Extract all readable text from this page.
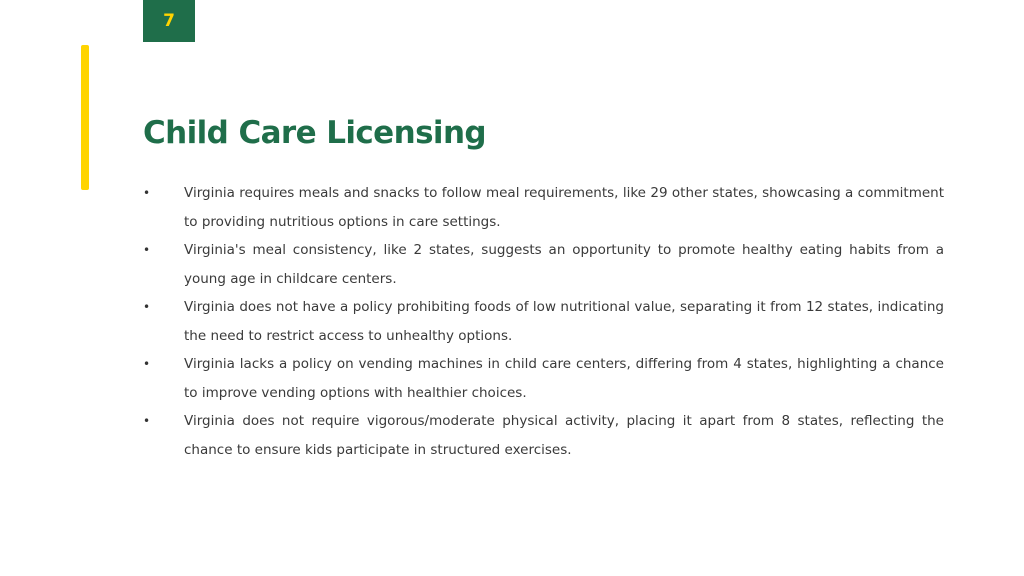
7
Child Care Licensing
•	Virginia requires meals and snacks to follow meal requirements, like 29 other states, showcasing a commitment to providing nutritious options in care settings.
•	Virginia's meal consistency, like 2 states, suggests an opportunity to promote healthy eating habits from a young age in childcare centers.
•	Virginia does not have a policy prohibiting foods of low nutritional value, separating it from 12 states, indicating the need to restrict access to unhealthy options.
•	Virginia lacks a policy on vending machines in child care centers, differing from 4 states, highlighting a chance to improve vending options with healthier choices.
•	Virginia does not require vigorous/moderate physical activity, placing it apart from 8 states, reflecting the chance to ensure kids participate in structured exercises.
